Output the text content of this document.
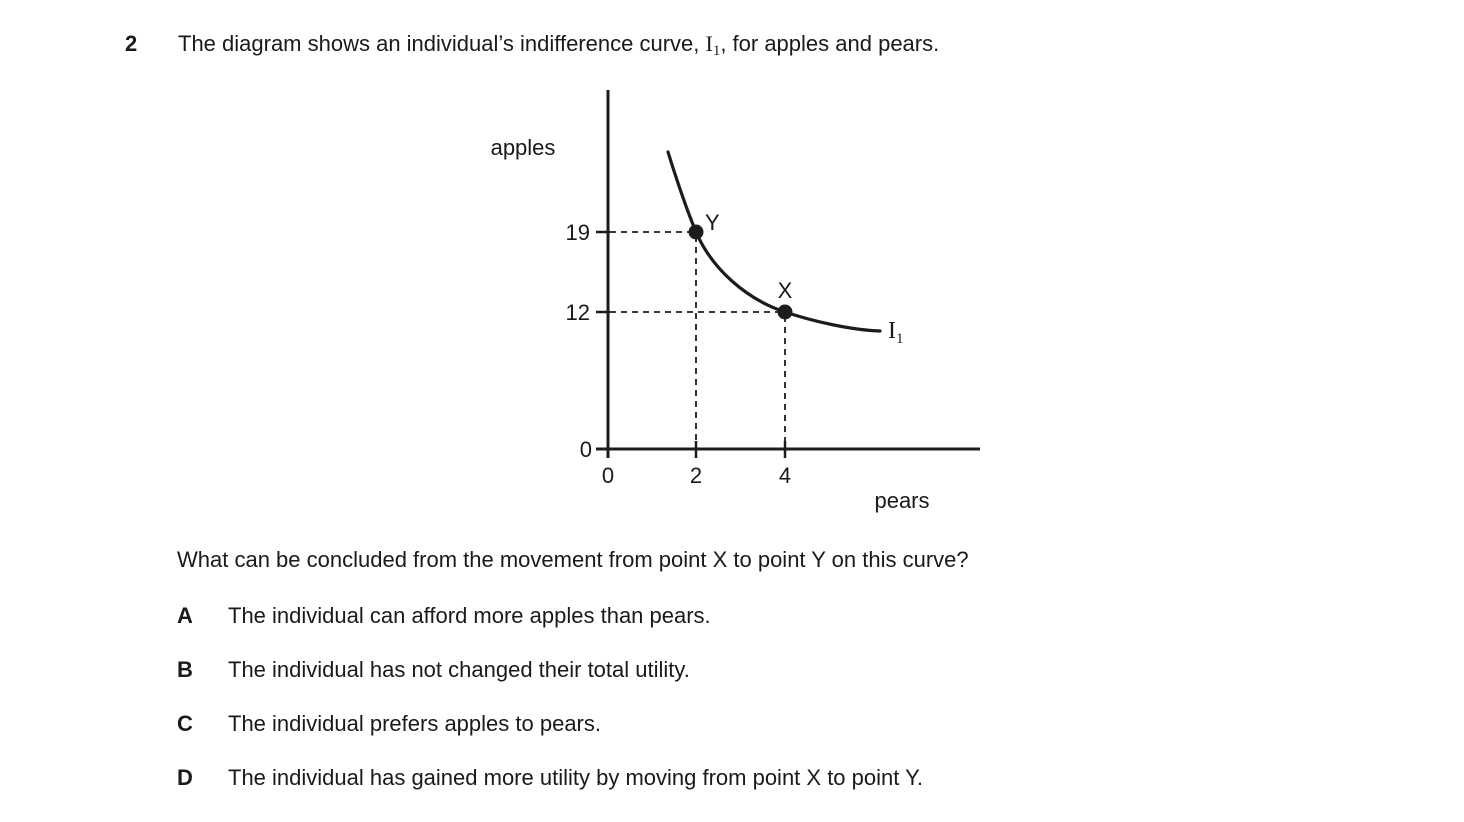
2	The diagram shows an individual’s indifference curve, I1, for apples and pears.
apples
pears
19
12
0
0	2	4
Y
X
$I_1$
What can be concluded from the movement from point X to point Y on this curve?
A	The individual can afford more apples than pears.
B	The individual has not changed their total utility.
C	The individual prefers apples to pears.
D	The individual has gained more utility by moving from point X to point Y.
